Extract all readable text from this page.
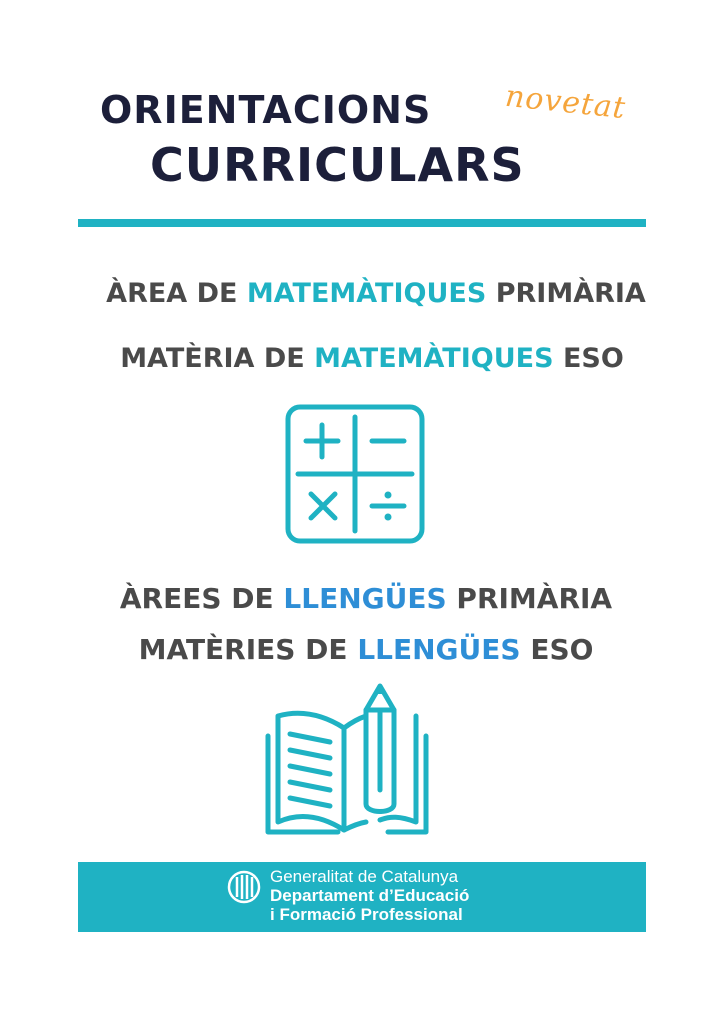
ORIENTACIONS
CURRICULARS
novetat
ÀREA DE MATEMÀTIQUES PRIMÀRIA
MATÈRIA DE MATEMÀTIQUES ESO
ÀREES DE LLENGÜES PRIMÀRIA
MATÈRIES DE LLENGÜES ESO
Generalitat de Catalunya
Departament d’Educació
i Formació Professional
